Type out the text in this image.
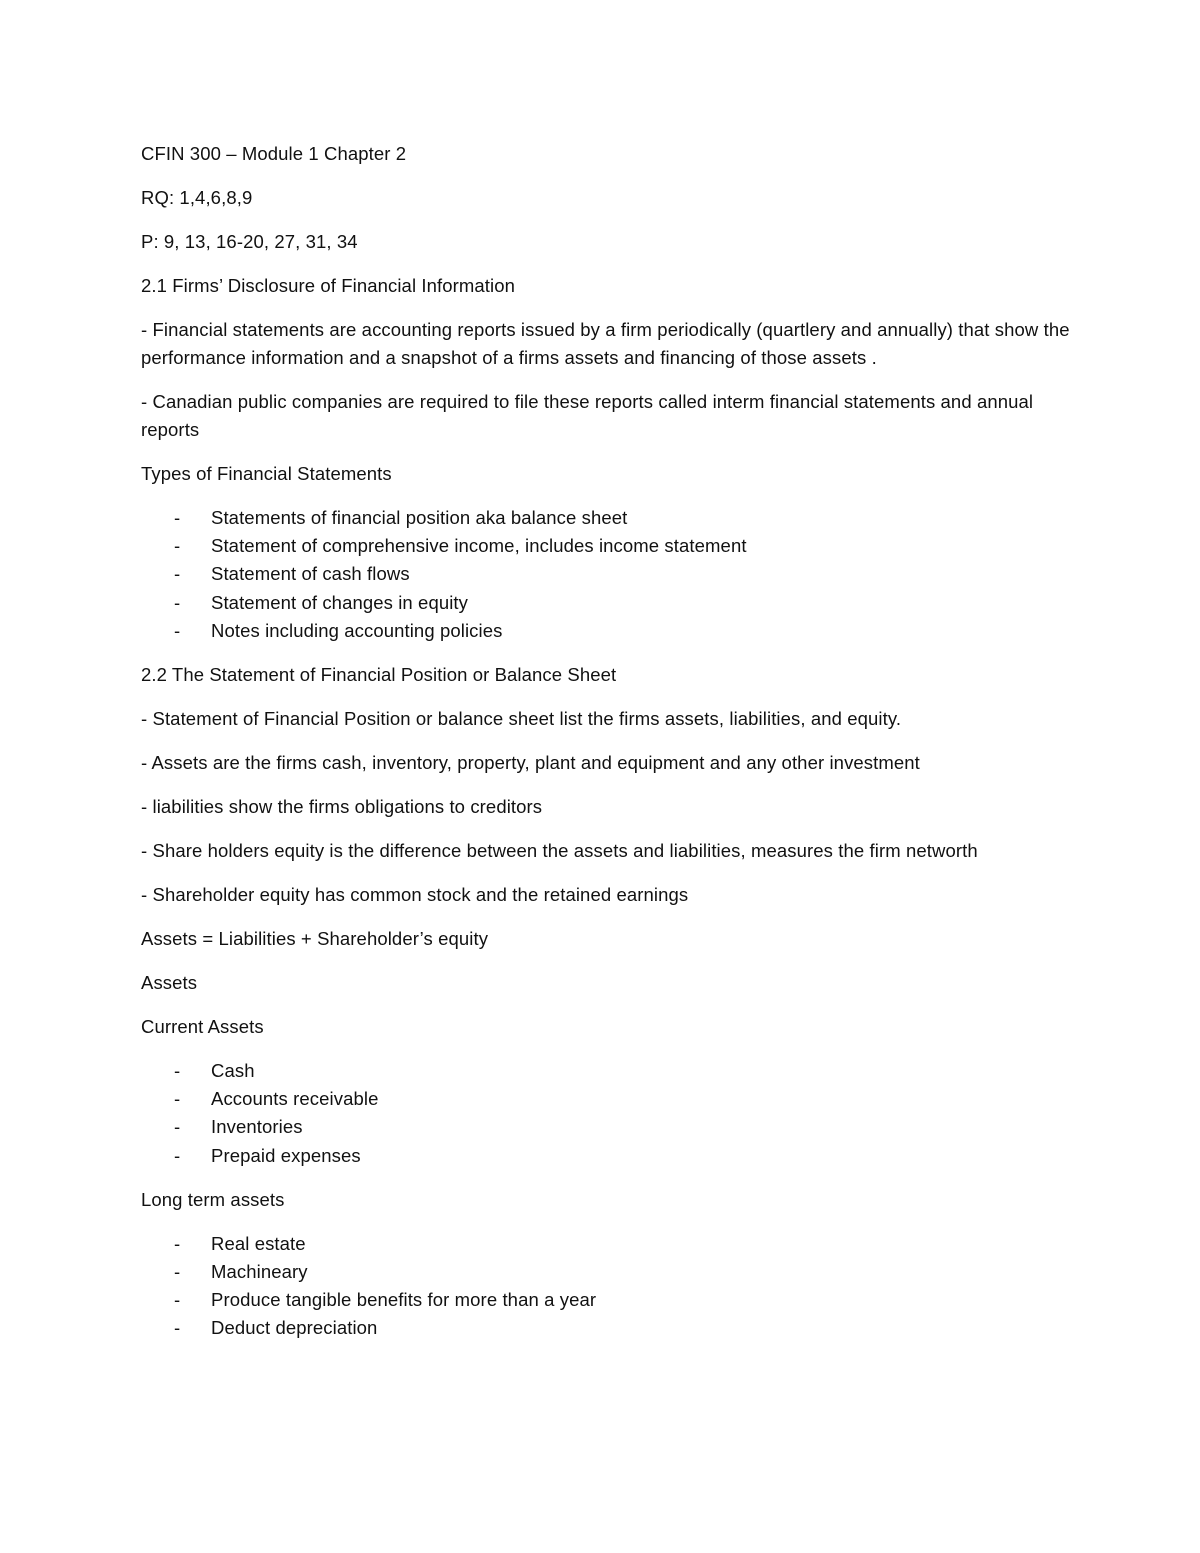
CFIN 300 – Module 1 Chapter 2

RQ: 1,4,6,8,9

P: 9, 13, 16-20, 27, 31, 34

2.1 Firms’ Disclosure of Financial Information

- Financial statements are accounting reports issued by a firm periodically (quartlery and annually) that show the performance information and a snapshot of a firms assets and financing of those assets .

- Canadian public companies are required to file these reports called interm financial statements and annual reports

Types of Financial Statements

- Statements of financial position aka balance sheet
- Statement of comprehensive income, includes income statement
- Statement of cash flows
- Statement of changes in equity
- Notes including accounting policies

2.2 The Statement of Financial Position or Balance Sheet

- Statement of Financial Position or balance sheet list the firms assets, liabilities, and equity.

- Assets are the firms cash, inventory, property, plant and equipment and any other investment

- liabilities show the firms obligations to creditors

- Share holders equity is the difference between the assets and liabilities, measures the firm networth

- Shareholder equity has common stock and the retained earnings

Assets = Liabilities + Shareholder’s equity

Assets

Current Assets

- Cash
- Accounts receivable
- Inventories
- Prepaid expenses

Long term assets

- Real estate
- Machineary
- Produce tangible benefits for more than a year
- Deduct depreciation
